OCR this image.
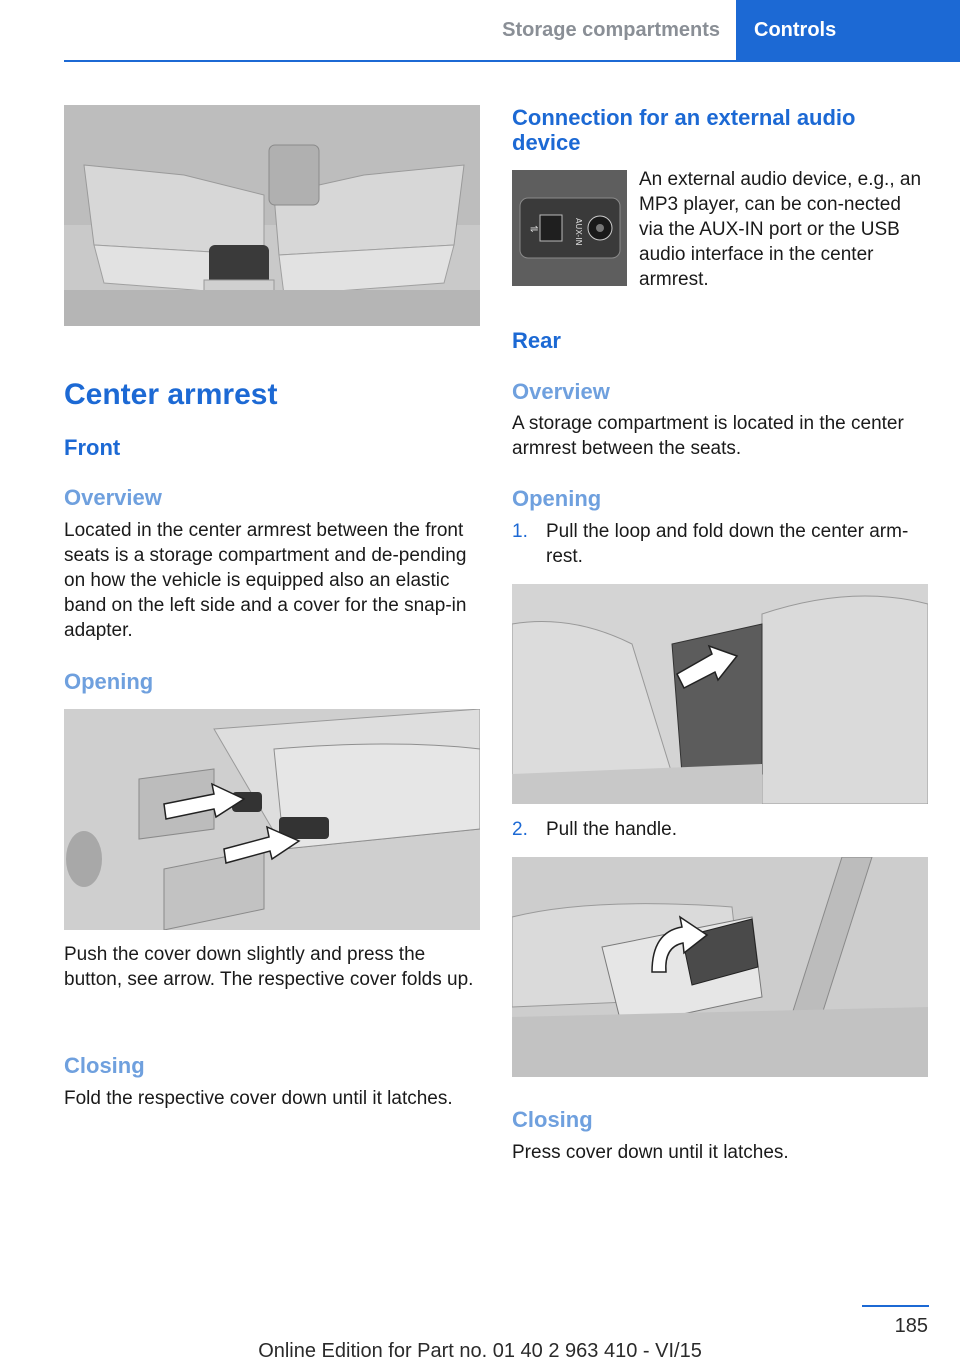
Storage compartments	Controls
Center armrest
Front
Overview

Located in the center armrest between the front seats is a storage compartment and de‐pending on how the vehicle is equipped also an elastic band on the left side and a cover for the snap-in adapter.

Opening

Push the cover down slightly and press the button, see arrow. The respective cover folds up.

Closing

Fold the respective cover down until it latches.

Connection for an external audio device
⇌	AUX-IN

An external audio device, e.g., an MP3 player, can be con‐nected via the AUX-IN port or the USB audio interface in the center armrest.

Rear
Overview

A storage compartment is located in the center armrest between the seats.

Opening
1. Pull the loop and fold down the center arm‐rest.
2. Pull the handle.
Closing

Press cover down until it latches.

185
Online Edition for Part no. 01 40 2 963 410 - VI/15
